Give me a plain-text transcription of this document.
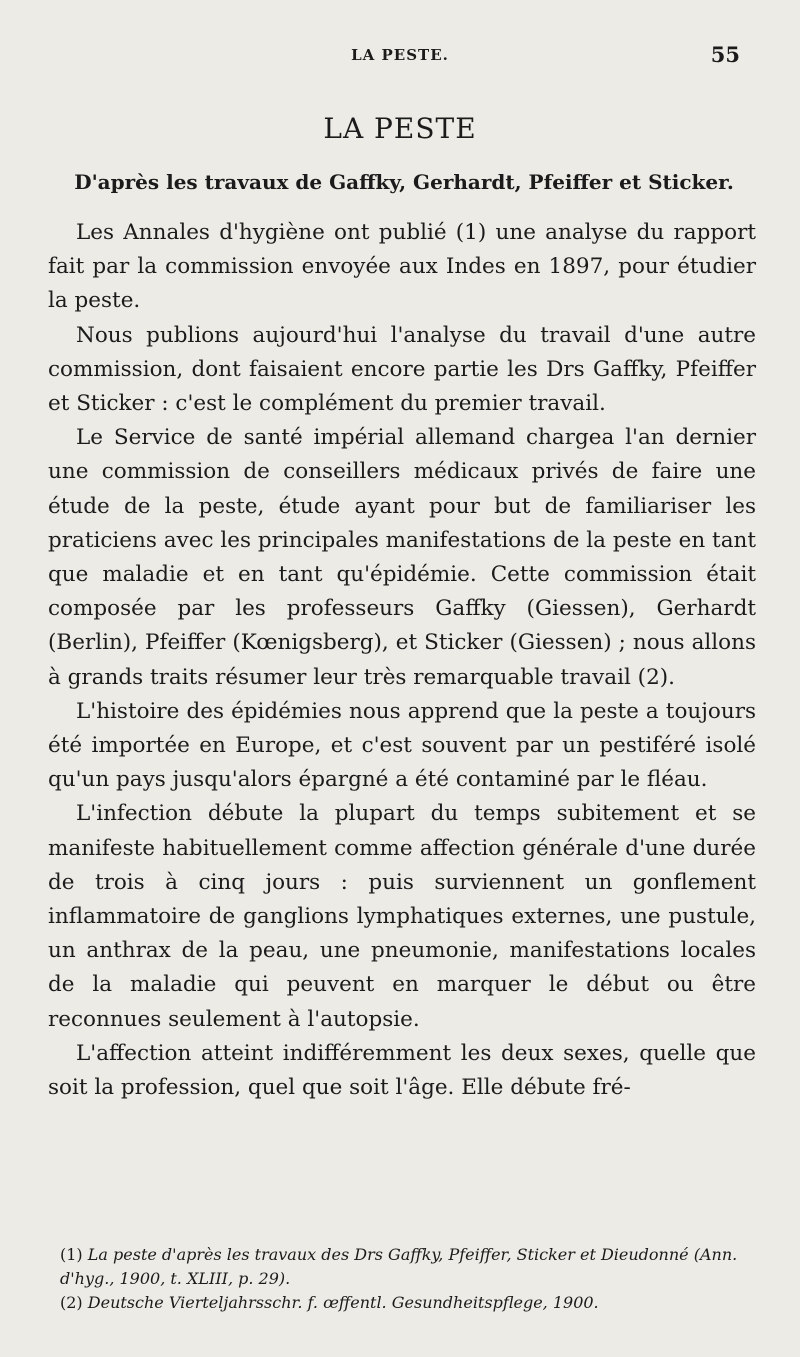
LA PESTE.	55
LA PESTE
D'après les travaux de Gaffky, Gerhardt, Pfeiffer et Sticker.

Les Annales d'hygiène ont publié (1) une analyse du rapport fait par la commission envoyée aux Indes en 1897, pour étudier la peste.

Nous publions aujourd'hui l'analyse du travail d'une autre commission, dont faisaient encore partie les Drs Gaffky, Pfeiffer et Sticker : c'est le complément du premier travail.

Le Service de santé impérial allemand chargea l'an dernier une commission de conseillers médicaux privés de faire une étude de la peste, étude ayant pour but de familiariser les praticiens avec les principales manifestations de la peste en tant que maladie et en tant qu'épidémie. Cette commission était composée par les professeurs Gaffky (Giessen), Gerhardt (Berlin), Pfeiffer (Kœnigsberg), et Sticker (Giessen) ; nous allons à grands traits résumer leur très remarquable travail (2).

L'histoire des épidémies nous apprend que la peste a toujours été importée en Europe, et c'est souvent par un pestiféré isolé qu'un pays jusqu'alors épargné a été contaminé par le fléau.

L'infection débute la plupart du temps subitement et se manifeste habituellement comme affection générale d'une durée de trois à cinq jours : puis surviennent un gonflement inflammatoire de ganglions lymphatiques externes, une pustule, un anthrax de la peau, une pneumonie, manifestations locales de la maladie qui peuvent en marquer le début ou être reconnues seulement à l'autopsie.

L'affection atteint indifféremment les deux sexes, quelle que soit la profession, quel que soit l'âge. Elle débute fré-

(1) La peste d'après les travaux des Drs Gaffky, Pfeiffer, Sticker et Dieudonné (Ann. d'hyg., 1900, t. XLIII, p. 29).

(2) Deutsche Vierteljahrsschr. f. œffentl. Gesundheitspflege, 1900.
